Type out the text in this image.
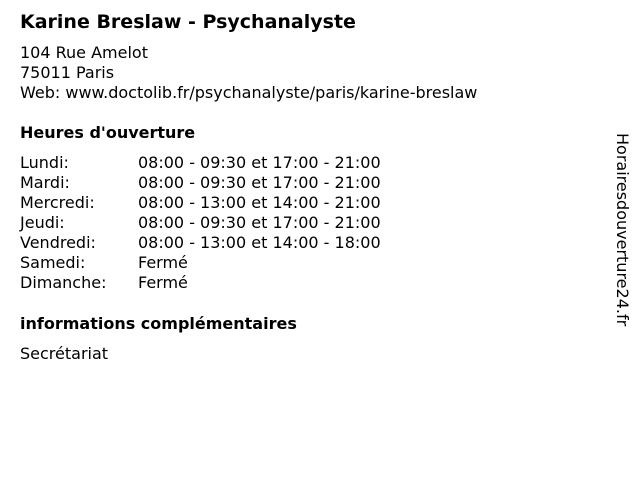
Karine Breslaw - Psychanalyste
104 Rue Amelot
75011 Paris
Web: www.doctolib.fr/psychanalyste/paris/karine-breslaw
Heures d'ouverture
Lundi:	08:00 - 09:30 et 17:00 - 21:00
Mardi:	08:00 - 09:30 et 17:00 - 21:00
Mercredi:	08:00 - 13:00 et 14:00 - 21:00
Jeudi:	08:00 - 09:30 et 17:00 - 21:00
Vendredi:	08:00 - 13:00 et 14:00 - 18:00
Samedi:	Fermé
Dimanche:	Fermé
informations complémentaires
Secrétariat
Horairesdouverture24.fr
